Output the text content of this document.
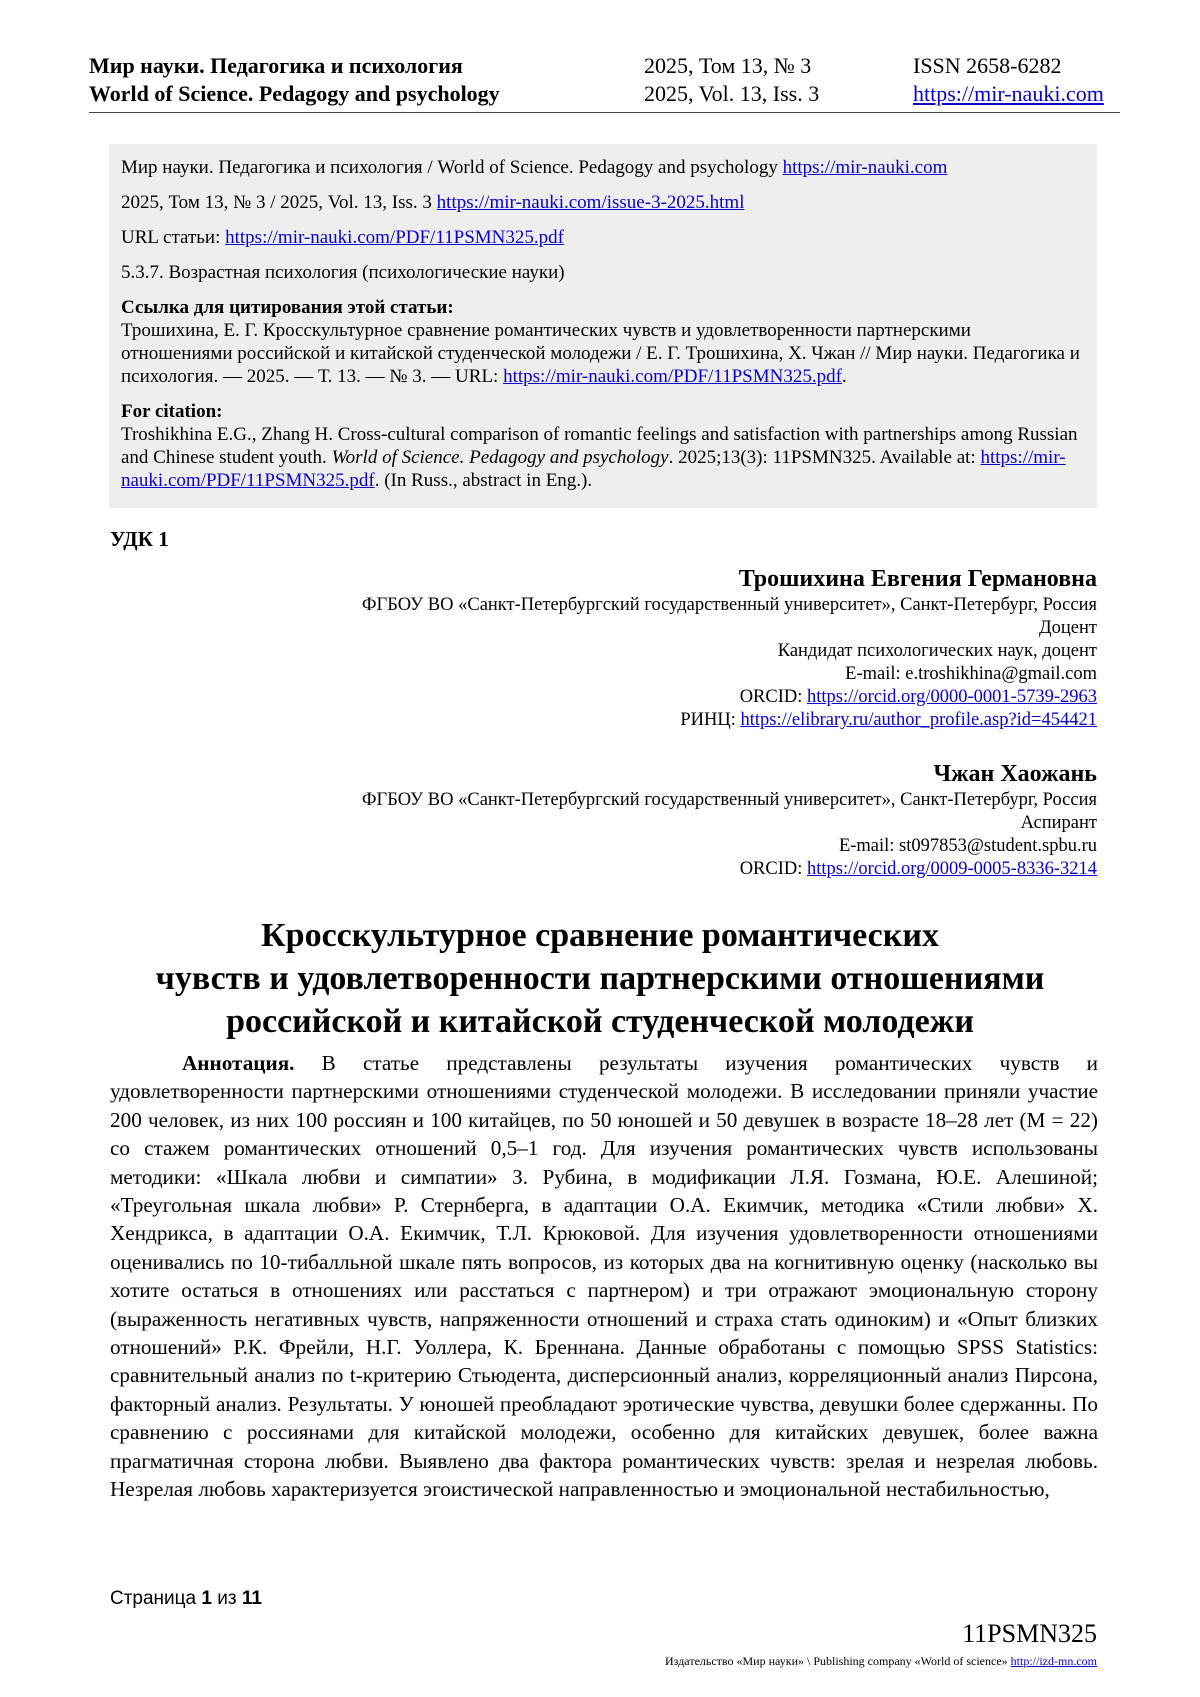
Мир науки. Педагогика и психология	2025, Том 13, № 3	ISSN 2658-6282
World of Science. Pedagogy and psychology	2025, Vol. 13, Iss. 3	https://mir-nauki.com

Мир науки. Педагогика и психология / World of Science. Pedagogy and psychology https://mir-nauki.com

2025, Том 13, № 3 / 2025, Vol. 13, Iss. 3 https://mir-nauki.com/issue-3-2025.html

URL статьи: https://mir-nauki.com/PDF/11PSMN325.pdf

5.3.7. Возрастная психология (психологические науки)

Ссылка для цитирования этой статьи:
Трошихина, Е. Г. Кросскультурное сравнение романтических чувств и удовлетворенности партнерскими отношениями российской и китайской студенческой молодежи / Е. Г. Трошихина, Х. Чжан // Мир науки. Педагогика и психология. — 2025. — Т. 13. — № 3. — URL: https://mir-nauki.com/PDF/11PSMN325.pdf.

For citation:
Troshikhina E.G., Zhang H. Cross-cultural comparison of romantic feelings and satisfaction with partnerships among Russian and Chinese student youth. World of Science. Pedagogy and psychology. 2025;13(3): 11PSMN325. Available at: https://mir-nauki.com/PDF/11PSMN325.pdf. (In Russ., abstract in Eng.).

УДК 1
Трошихина Евгения Германовна
ФГБОУ ВО «Санкт-Петербургский государственный университет», Санкт-Петербург, Россия
Доцент
Кандидат психологических наук, доцент
E-mail: e.troshikhina@gmail.com
ORCID: https://orcid.org/0000-0001-5739-2963
РИНЦ: https://elibrary.ru/author_profile.asp?id=454421
Чжан Хаожань
ФГБОУ ВО «Санкт-Петербургский государственный университет», Санкт-Петербург, Россия
Аспирант
E-mail: st097853@student.spbu.ru
ORCID: https://orcid.org/0009-0005-8336-3214
Кросскультурное сравнение романтических
чувств и удовлетворенности партнерскими отношениями
российской и китайской студенческой молодежи
Аннотация. В статье представлены результаты изучения романтических чувств и удовлетворенности партнерскими отношениями студенческой молодежи. В исследовании приняли участие 200 человек, из них 100 россиян и 100 китайцев, по 50 юношей и 50 девушек в возрасте 18–28 лет (M = 22) со стажем романтических отношений 0,5–1 год. Для изучения романтических чувств использованы методики: «Шкала любви и симпатии» З. Рубина, в модификации Л.Я. Гозмана, Ю.Е. Алешиной; «Треугольная шкала любви» Р. Стернберга, в адаптации О.А. Екимчик, методика «Стили любви» Х. Хендрикса, в адаптации О.А. Екимчик, Т.Л. Крюковой. Для изучения удовлетворенности отношениями оценивались по 10-тибалльной шкале пять вопросов, из которых два на когнитивную оценку (насколько вы хотите остаться в отношениях или расстаться с партнером) и три отражают эмоциональную сторону (выраженность негативных чувств, напряженности отношений и страха стать одиноким) и «Опыт близких отношений» Р.К. Фрейли, Н.Г. Уоллера, К. Бреннана. Данные обработаны с помощью SPSS Statistics: сравнительный анализ по t-критерию Стьюдента, дисперсионный анализ, корреляционный анализ Пирсона, факторный анализ. Результаты. У юношей преобладают эротические чувства, девушки более сдержанны. По сравнению с россиянами для китайской молодежи, особенно для китайских девушек, более важна прагматичная сторона любви. Выявлено два фактора романтических чувств: зрелая и незрелая любовь. Незрелая любовь характеризуется эгоистической направленностью и эмоциональной нестабильностью,
Страница 1 из 11
11PSMN325
Издательство «Мир науки» \ Publishing company «World of science» http://izd-mn.com
